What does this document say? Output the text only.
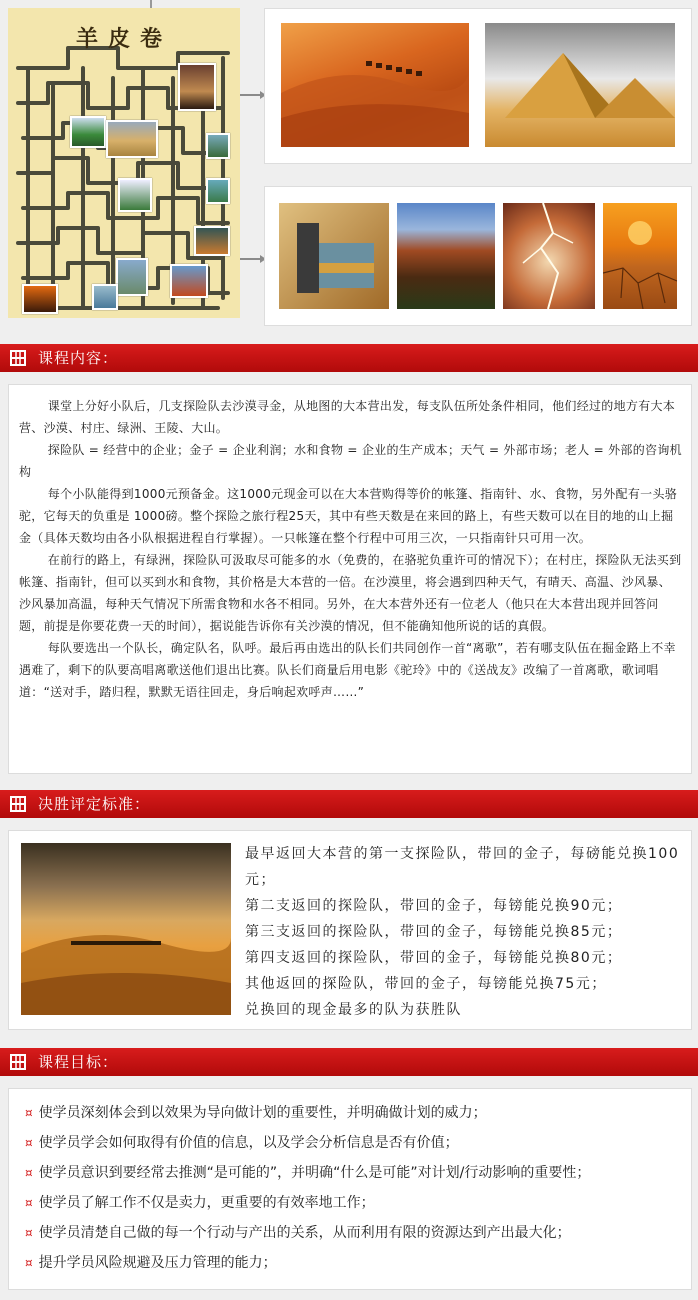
羊皮卷
课程内容：

课堂上分好小队后，几支探险队去沙漠寻金，从地图的大本营出发，每支队伍所处条件相同，他们经过的地方有大本营、沙漠、村庄、绿洲、王陵、大山。

探险队 = 经营中的企业；金子 = 企业利润；水和食物 = 企业的生产成本；天气 = 外部市场；老人 = 外部的咨询机构

每个小队能得到1000元预备金。这1000元现金可以在大本营购得等价的帐篷、指南针、水、食物，另外配有一头骆驼，它每天的负重是 1000磅。整个探险之旅行程25天，其中有些天数是在来回的路上，有些天数可以在目的地的山上掘金（具体天数均由各小队根据进程自行掌握）。一只帐篷在整个行程中可用三次，一只指南针只可用一次。

在前行的路上，有绿洲，探险队可汲取尽可能多的水（免费的，在骆驼负重许可的情况下）；在村庄，探险队无法买到帐篷、指南针，但可以买到水和食物，其价格是大本营的一倍。在沙漠里，将会遇到四种天气，有晴天、高温、沙风暴、沙风暴加高温，每种天气情况下所需食物和水各不相同。另外，在大本营外还有一位老人（他只在大本营出现并回答问题，前提是你要花费一天的时间），据说能告诉你有关沙漠的情况，但不能确知他所说的话的真假。

每队要选出一个队长，确定队名，队呼。最后再由选出的队长们共同创作一首“离歌”，若有哪支队伍在掘金路上不幸遇难了，剩下的队要高唱离歌送他们退出比赛。队长们商量后用电影《驼玲》中的《送战友》改编了一首离歌，歌词唱道：“送对手，踏归程，默默无语往回走，身后响起欢呼声……”

决胜评定标准：

最早返回大本营的第一支探险队，带回的金子，每磅能兑换100元；

第二支返回的探险队，带回的金子，每镑能兑换90元；

第三支返回的探险队，带回的金子，每镑能兑换85元；

第四支返回的探险队，带回的金子，每镑能兑换80元；

其他返回的探险队，带回的金子，每镑能兑换75元；

兑换回的现金最多的队为获胜队

课程目标：
¤ 使学员深刻体会到以效果为导向做计划的重要性，并明确做计划的威力；
¤ 使学员学会如何取得有价值的信息，以及学会分析信息是否有价值；
¤ 使学员意识到要经常去推测“是可能的”，并明确“什么是可能”对计划/行动影响的重要性；
¤ 使学员了解工作不仅是卖力，更重要的有效率地工作；
¤ 使学员清楚自己做的每一个行动与产出的关系，从而利用有限的资源达到产出最大化；
¤ 提升学员风险规避及压力管理的能力；
